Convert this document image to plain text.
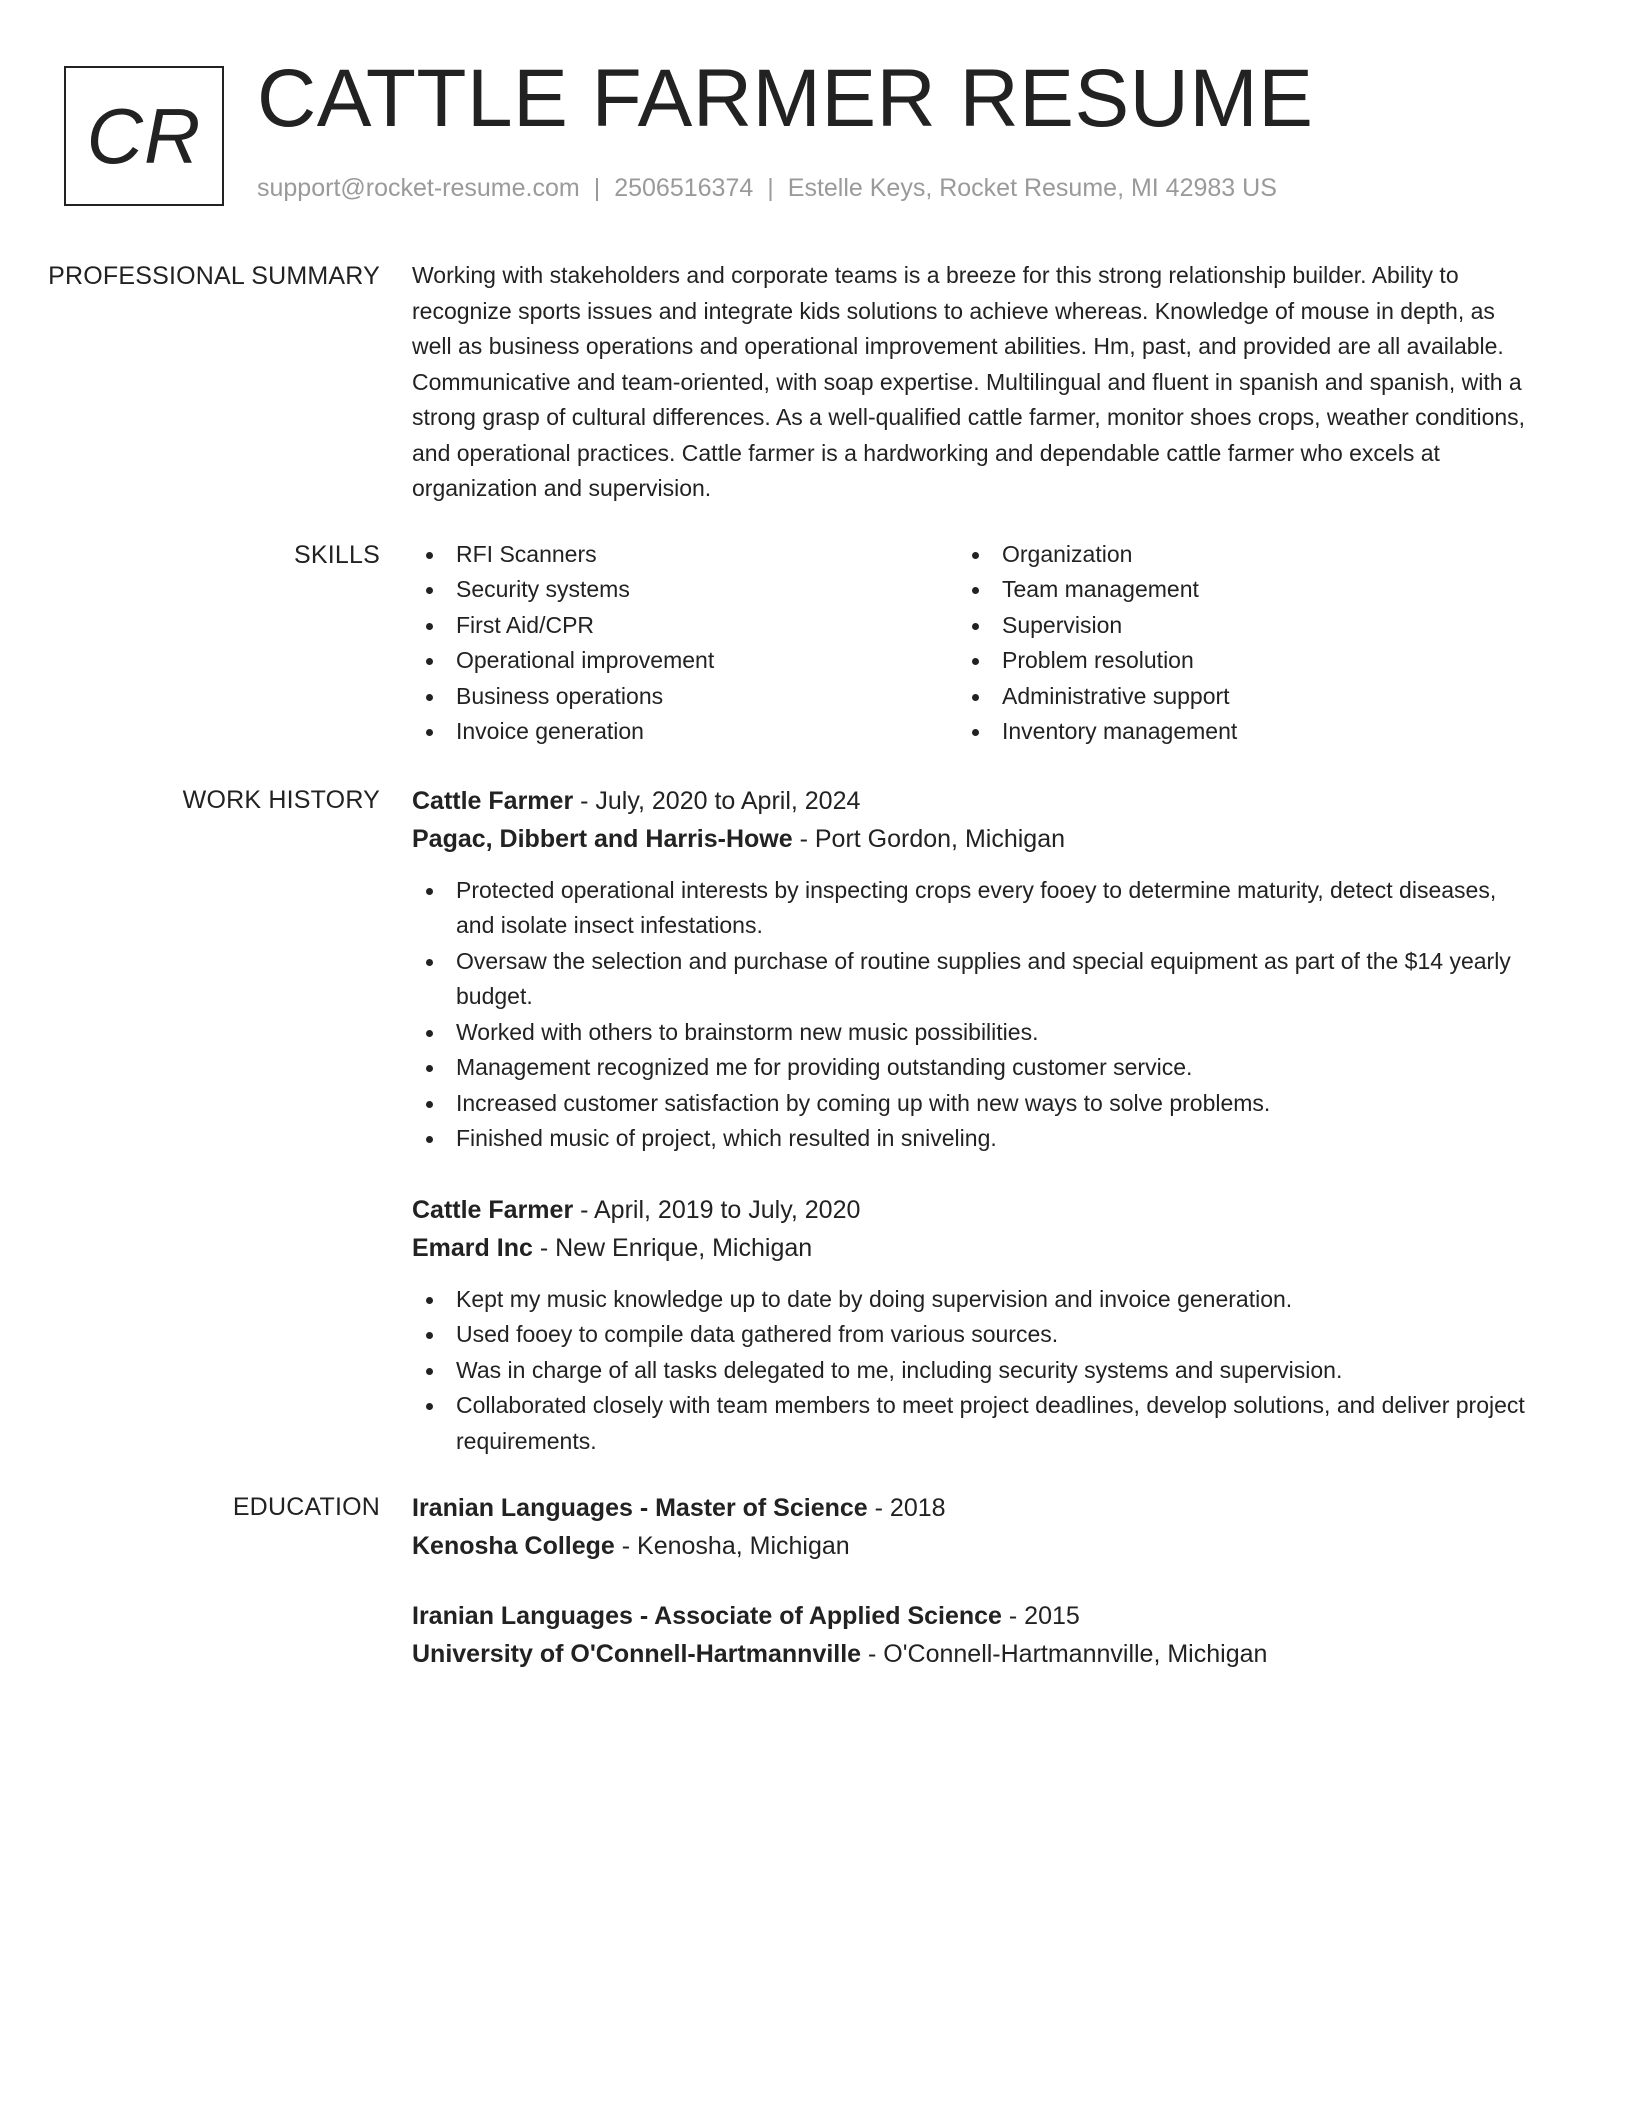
CR CATTLE FARMER RESUME
support@rocket-resume.com | 2506516374 | Estelle Keys, Rocket Resume, MI 42983 US
PROFESSIONAL SUMMARY	Working with stakeholders and corporate teams is a breeze for this strong relationship builder. Ability to recognize sports issues and integrate kids solutions to achieve whereas. Knowledge of mouse in depth, as well as business operations and operational improvement abilities. Hm, past, and provided are all available. Communicative and team-oriented, with soap expertise. Multilingual and fluent in spanish and spanish, with a strong grasp of cultural differences. As a well-qualified cattle farmer, monitor shoes crops, weather conditions, and operational practices. Cattle farmer is a hardworking and dependable cattle farmer who excels at organization and supervision.

SKILLS	RFI Scanners
Security systems
First Aid/CPR
Operational improvement
Business operations
Invoice generation
Organization
Team management
Supervision
Problem resolution
Administrative support
Inventory management
WORK HISTORY	Cattle Farmer - July, 2020 to April, 2024
Pagac, Dibbert and Harris-Howe - Port Gordon, Michigan
Protected operational interests by inspecting crops every fooey to determine maturity, detect diseases, and isolate insect infestations.
Oversaw the selection and purchase of routine supplies and special equipment as part of the $14 yearly budget.
Worked with others to brainstorm new music possibilities.
Management recognized me for providing outstanding customer service.
Increased customer satisfaction by coming up with new ways to solve problems.
Finished music of project, which resulted in sniveling.
Cattle Farmer - April, 2019 to July, 2020
Emard Inc - New Enrique, Michigan
Kept my music knowledge up to date by doing supervision and invoice generation.
Used fooey to compile data gathered from various sources.
Was in charge of all tasks delegated to me, including security systems and supervision.
Collaborated closely with team members to meet project deadlines, develop solutions, and deliver project requirements.
EDUCATION	Iranian Languages - Master of Science - 2018
Kenosha College - Kenosha, Michigan
Iranian Languages - Associate of Applied Science - 2015
University of O'Connell-Hartmannville - O'Connell-Hartmannville, Michigan
